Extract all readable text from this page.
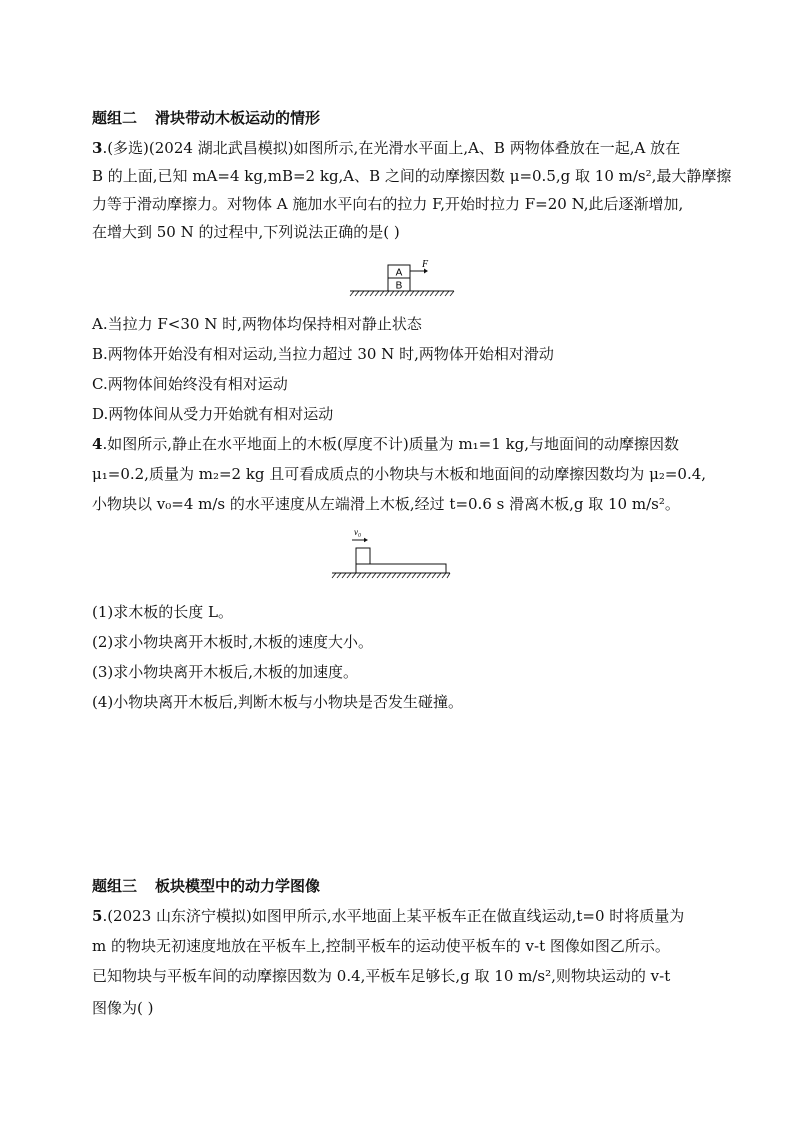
题组二 滑块带动木板运动的情形
3.(多选)(2024 湖北武昌模拟)如图所示,在光滑水平面上,A、B 两物体叠放在一起,A 放在
B 的上面,已知 mA=4 kg,mB=2 kg,A、B 之间的动摩擦因数 μ=0.5,g 取 10 m/s²,最大静摩擦
力等于滑动摩擦力。对物体 A 施加水平向右的拉力 F,开始时拉力 F=20 N,此后逐渐增加,
在增大到 50 N 的过程中,下列说法正确的是( )
A
B
F
A.当拉力 F<30 N 时,两物体均保持相对静止状态
B.两物体开始没有相对运动,当拉力超过 30 N 时,两物体开始相对滑动
C.两物体间始终没有相对运动
D.两物体间从受力开始就有相对运动
4.如图所示,静止在水平地面上的木板(厚度不计)质量为 m₁=1 kg,与地面间的动摩擦因数
μ₁=0.2,质量为 m₂=2 kg 且可看成质点的小物块与木板和地面间的动摩擦因数均为 μ₂=0.4,
小物块以 v₀=4 m/s 的水平速度从左端滑上木板,经过 t=0.6 s 滑离木板,g 取 10 m/s²。
v₀
(1)求木板的长度 L。
(2)求小物块离开木板时,木板的速度大小。
(3)求小物块离开木板后,木板的加速度。
(4)小物块离开木板后,判断木板与小物块是否发生碰撞。
题组三 板块模型中的动力学图像
5.(2023 山东济宁模拟)如图甲所示,水平地面上某平板车正在做直线运动,t=0 时将质量为
m 的物块无初速度地放在平板车上,控制平板车的运动使平板车的 v-t 图像如图乙所示。
已知物块与平板车间的动摩擦因数为 0.4,平板车足够长,g 取 10 m/s²,则物块运动的 v-t
图像为( )
